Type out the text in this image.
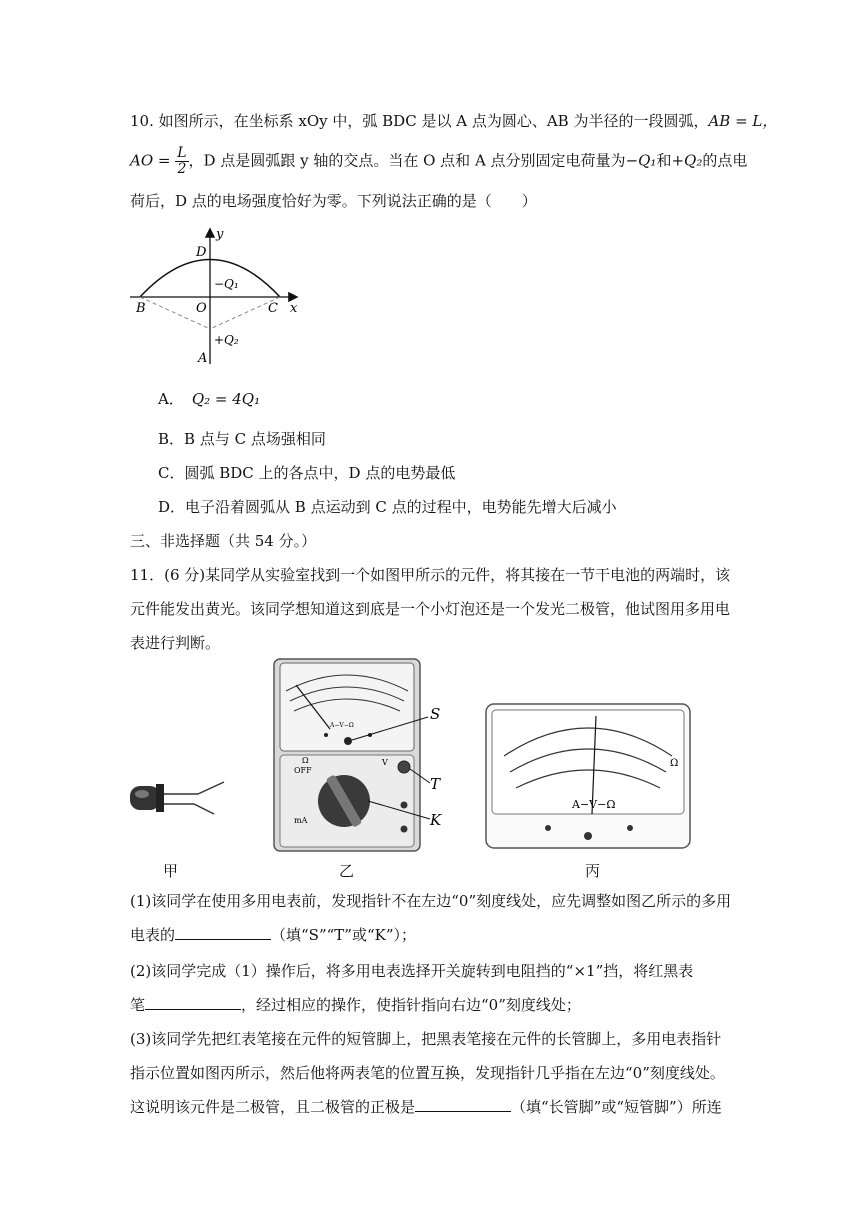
10. 如图所示，在坐标系 xOy 中，弧 BDC 是以 A 点为圆心、AB 为半径的一段圆弧，AB = L，
AO = $\frac{L}{2}$ ，D 点是圆弧跟 y 轴的交点。当在 O 点和 A 点分别固定电荷量为−Q₁和+Q₂的点电
荷后，D 点的电场强度恰好为零。下列说法正确的是（　　）
y
x
D
B	O	C
A
−Q₁
+Q₂
A． Q₂ = 4Q₁
B．B 点与 C 点场强相同
C．圆弧 BDC 上的各点中，D 点的电势最低
D．电子沿着圆弧从 B 点运动到 C 点的过程中，电势能先增大后减小
三、非选择题（共 54 分。）
11．(6 分)某同学从实验室找到一个如图甲所示的元件，将其接在一节干电池的两端时，该
元件能发出黄光。该同学想知道这到底是一个小灯泡还是一个发光二极管，他试图用多用电
表进行判断。
A−V−Ω
S
OFF
Ω
mA
V
T
K
A−V−Ω
Ω
甲	乙	丙
(1)该同学在使用多用电表前，发现指针不在左边“0”刻度线处，应先调整如图乙所示的多用
电表的	（填“S”“T”或“K”）；
(2)该同学完成（1）操作后，将多用电表选择开关旋转到电阻挡的“×1”挡，将红黑表
笔	，经过相应的操作，使指针指向右边“0”刻度线处；
(3)该同学先把红表笔接在元件的短管脚上，把黑表笔接在元件的长管脚上，多用电表指针
指示位置如图丙所示，然后他将两表笔的位置互换，发现指针几乎指在左边“0”刻度线处。
这说明该元件是二极管，且二极管的正极是	（填“长管脚”或“短管脚”）所连
